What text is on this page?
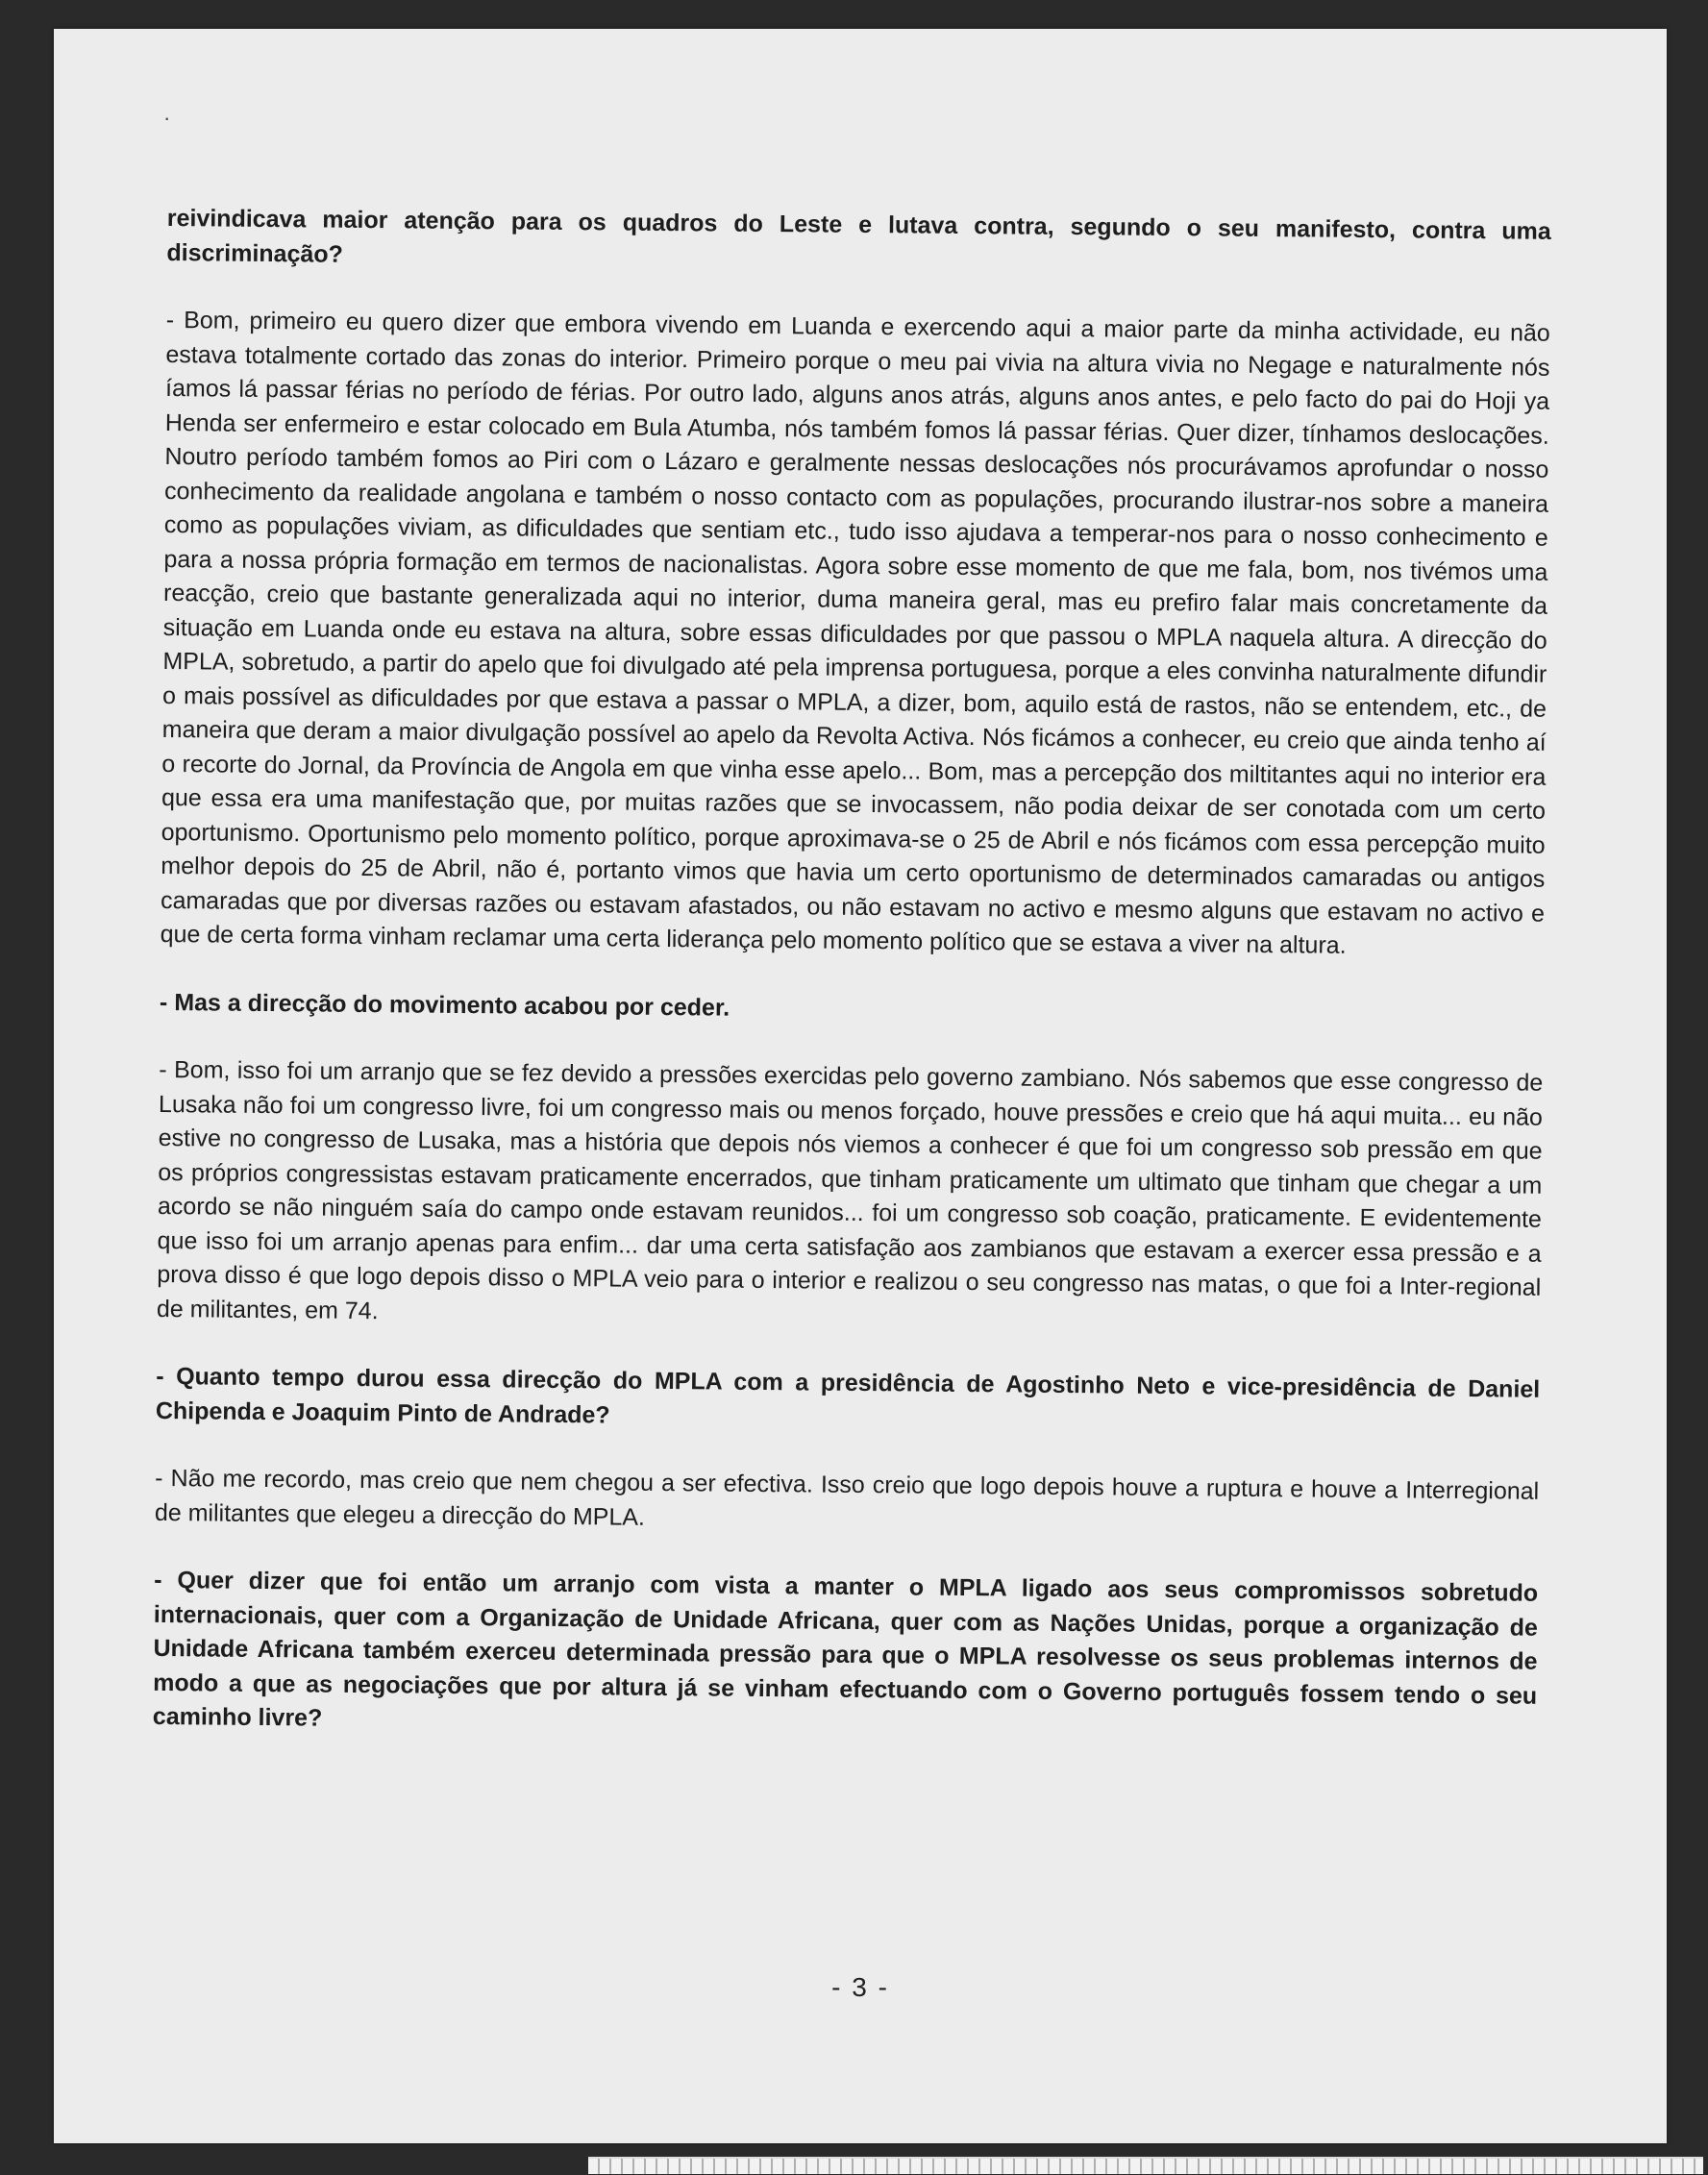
·

reivindicava maior atenção para os quadros do Leste e lutava contra, segundo o seu manifesto, contra uma discriminação?

- Bom, primeiro eu quero dizer que embora vivendo em Luanda e exercendo aqui a maior parte da minha actividade, eu não estava totalmente cortado das zonas do interior. Primeiro porque o meu pai vivia na altura vivia no Negage e naturalmente nós íamos lá passar férias no período de férias. Por outro lado, alguns anos atrás, alguns anos antes, e pelo facto do pai do Hoji ya Henda ser enfermeiro e estar colocado em Bula Atumba, nós também fomos lá passar férias. Quer dizer, tínhamos deslocações. Noutro período também fomos ao Piri com o Lázaro e geralmente nessas deslocações nós procurávamos aprofundar o nosso conhecimento da realidade angolana e também o nosso contacto com as populações, procurando ilustrar-nos sobre a maneira como as populações viviam, as dificuldades que sentiam etc., tudo isso ajudava a temperar-nos para o nosso conhecimento e para a nossa própria formação em termos de nacionalistas. Agora sobre esse momento de que me fala, bom, nos tivémos uma reacção, creio que bastante generalizada aqui no interior, duma maneira geral, mas eu prefiro falar mais concretamente da situação em Luanda onde eu estava na altura, sobre essas dificuldades por que passou o MPLA naquela altura. A direcção do MPLA, sobretudo, a partir do apelo que foi divulgado até pela imprensa portuguesa, porque a eles convinha naturalmente difundir o mais possível as dificuldades por que estava a passar o MPLA, a dizer, bom, aquilo está de rastos, não se entendem, etc., de maneira que deram a maior divulgação possível ao apelo da Revolta Activa. Nós ficámos a conhecer, eu creio que ainda tenho aí o recorte do Jornal, da Província de Angola em que vinha esse apelo... Bom, mas a percepção dos miltitantes aqui no interior era que essa era uma manifestação que, por muitas razões que se invocassem, não podia deixar de ser conotada com um certo oportunismo. Oportunismo pelo momento político, porque aproximava-se o 25 de Abril e nós ficámos com essa percepção muito melhor depois do 25 de Abril, não é, portanto vimos que havia um certo oportunismo de determinados camaradas ou antigos camaradas que por diversas razões ou estavam afastados, ou não estavam no activo e mesmo alguns que estavam no activo e que de certa forma vinham reclamar uma certa liderança pelo momento político que se estava a viver na altura.

- Mas a direcção do movimento acabou por ceder.

- Bom, isso foi um arranjo que se fez devido a pressões exercidas pelo governo zambiano. Nós sabemos que esse congresso de Lusaka não foi um congresso livre, foi um congresso mais ou menos forçado, houve pressões e creio que há aqui muita... eu não estive no congresso de Lusaka, mas a história que depois nós viemos a conhecer é que foi um congresso sob pressão em que os próprios congressistas estavam praticamente encerrados, que tinham praticamente um ultimato que tinham que chegar a um acordo se não ninguém saía do campo onde estavam reunidos... foi um congresso sob coação, praticamente. E evidentemente que isso foi um arranjo apenas para enfim... dar uma certa satisfação aos zambianos que estavam a exercer essa pressão e a prova disso é que logo depois disso o MPLA veio para o interior e realizou o seu congresso nas matas, o que foi a Inter-regional de militantes, em 74.

- Quanto tempo durou essa direcção do MPLA com a presidência de Agostinho Neto e vice-presidência de Daniel Chipenda e Joaquim Pinto de Andrade?

- Não me recordo, mas creio que nem chegou a ser efectiva. Isso creio que logo depois houve a ruptura e houve a Interregional de militantes que elegeu a direcção do MPLA.

- Quer dizer que foi então um arranjo com vista a manter o MPLA ligado aos seus compromissos sobretudo internacionais, quer com a Organização de Unidade Africana, quer com as Nações Unidas, porque a organização de Unidade Africana também exerceu determinada pressão para que o MPLA resolvesse os seus problemas internos de modo a que as negociações que por altura já se vinham efectuando com o Governo português fossem tendo o seu caminho livre?

- 3 -
